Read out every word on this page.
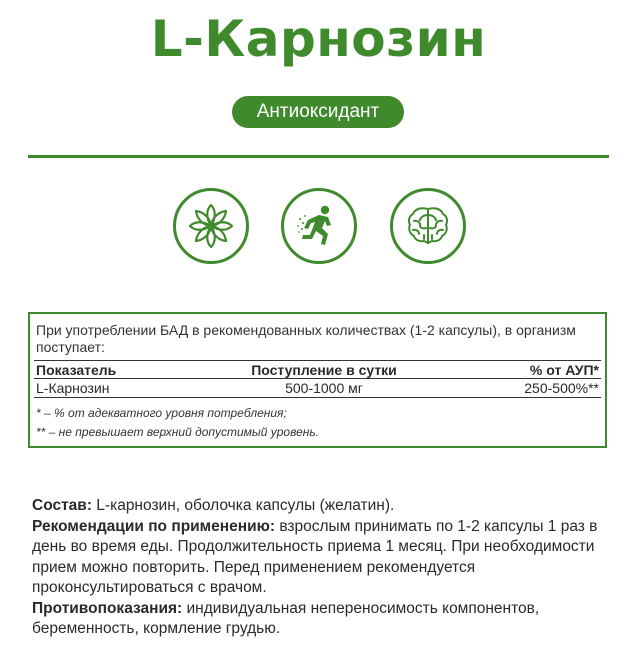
L-Карнозин
Антиоксидант
При употреблении БАД в рекомендованных количествах (1-2 капсулы), в организм поступает:
Показатель	Поступление в сутки	% от АУП*
L-Карнозин	500-1000 мг	250-500%**
* – % от адекватного уровня потребления;
** – не превышает верхний допустимый уровень.
Состав: L-карнозин, оболочка капсулы (желатин).
Рекомендации по применению: взрослым принимать по 1-2 капсулы 1 раз в день во время еды. Продолжительность приема 1 месяц. При необходимости прием можно повторить. Перед применением рекомендуется проконсультироваться с врачом.
Противопоказания: индивидуальная непереносимость компонентов, беременность, кормление грудью.
